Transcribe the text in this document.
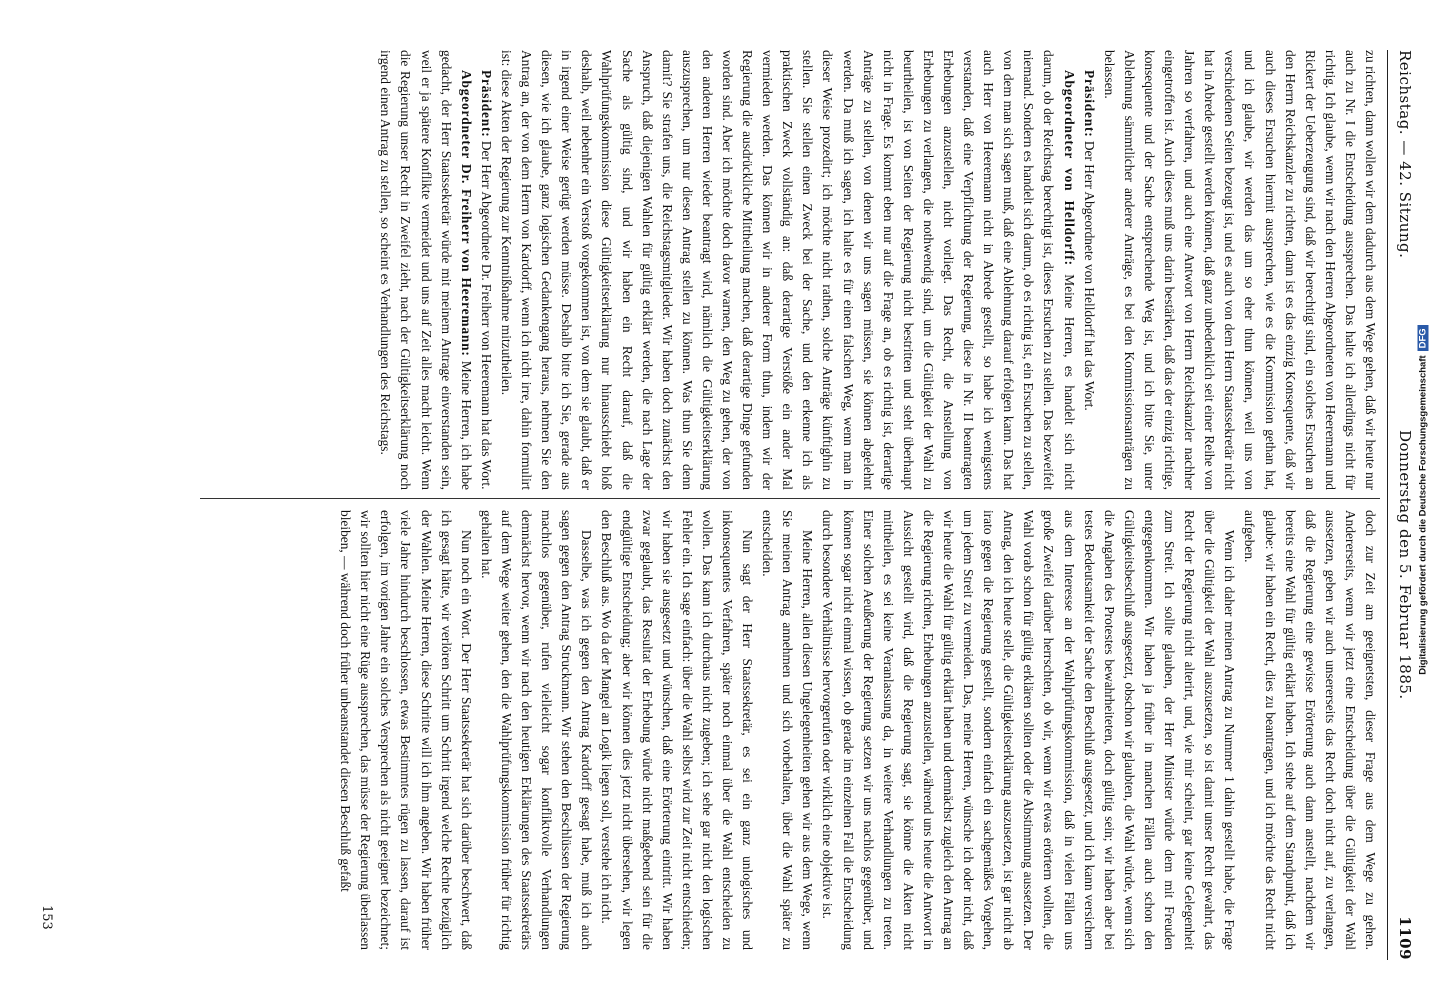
Reichstag. — 42. Sitzung.
Donnerstag den 5. Februar 1885.
1109

zu richten, dann wollen wir dem dadurch aus dem Wege gehen, daß wir heute nur auch zu Nr. I die Entscheidung aussprechen. Das halte ich allerdings nicht für richtig. Ich glaube, wenn wir nach den Herren Abgeordneten von Heeremann und Rickert der Ueberzeugung sind, daß wir berechtigt sind, ein solches Ersuchen an den Herrn Reichskanzler zu richten, dann ist es das einzig Konsequente, daß wir auch dieses Ersuchen hiermit aussprechen, wie es die Kommission gethan hat, und ich glaube, wir werden das um so eher thun können, weil uns von verschiedenen Seiten bezeugt ist, und es auch von dem Herrn Staatssekretär nicht hat in Abrede gestellt werden können, daß ganz unbedenklich seit einer Reihe von Jahren so verfahren, und auch eine Antwort von Herrn Reichskanzler nachher eingetroffen ist. Auch dieses muß uns darin bestärken, daß das der einzig richtige, konsequente und der Sache entsprechende Weg ist, und ich bitte Sie, unter Ablehnung sämmtlicher anderer Anträge, es bei den Kommissionsanträgen zu belassen.

Präsident: Der Herr Abgeordnete von Helldorff hat das Wort.

Abgeordneter von Helldorff: Meine Herren, es handelt sich nicht darum, ob der Reichstag berechtigt ist, dieses Ersuchen zu stellen. Das bezweifelt niemand. Sondern es handelt sich darum, ob es richtig ist, ein Ersuchen zu stellen, von dem man sich sagen muß, daß eine Ablehnung darauf erfolgen kann. Das hat auch Herr von Heeremann nicht in Abrede gestellt, so habe ich wenigstens verstanden, daß eine Verpflichtung der Regierung, diese in Nr. II beantragten Erhebungen anzustellen, nicht vorliegt. Das Recht, die Anstellung von Erhebungen zu verlangen, die nothwendig sind, um die Gültigkeit der Wahl zu beurtheilen, ist von Seiten der Regierung nicht bestritten und steht überhaupt nicht in Frage. Es kommt eben nur auf die Frage an, ob es richtig ist, derartige Anträge zu stellen, von denen wir uns sagen müssen, sie können abgelehnt werden. Da muß ich sagen, ich halte es für einen falschen Weg, wenn man in dieser Weise prozedirt; ich möchte nicht rathen, solche Anträge künftighin zu stellen. Sie stellen einen Zweck bei der Sache, und den erkenne ich als praktischen Zweck vollständig an: daß derartige Verstöße ein ander Mal vermieden werden. Das können wir in anderer Form thun, indem wir der Regierung die ausdrückliche Mittheilung machen, daß derartige Dinge gefunden worden sind. Aber ich möchte doch davor warnen, den Weg zu gehen, der von den anderen Herren wieder beantragt wird, nämlich die Gültigkeitserklärung auszusprechen, um nur diesen Antrag stellen zu können. Was thun Sie denn damit? Sie strafen uns, die Reichstagsmitglieder. Wir haben doch zunächst den Anspruch, daß diejenigen Wahlen für gültig erklärt werden, die nach Lage der Sache als gültig sind, und wir haben ein Recht darauf, daß die Wahlprüfungskommission diese Gültigkeitserklärung nur hinausschiebt bloß deshalb, weil nebenher ein Verstoß vorgekommen ist, von dem sie glaubt, daß er in irgend einer Weise gerügt werden müsse. Deshalb bitte ich Sie, gerade aus diesen, wie ich glaube, ganz logischen Gedankengang heraus, nehmen Sie den Antrag an, der von dem Herrn von Kardorff, wenn ich nicht irre, dahin formulirt ist: diese Akten der Regierung zur Kenntnißnahme mitzutheilen.

Präsident: Der Herr Abgeordnete Dr. Freiherr von Heeremann hat das Wort.

Abgeordneter Dr. Freiherr von Heeremann: Meine Herren, ich habe gedacht, der Herr Staatssekretär würde mit meinem Antrage einverstanden sein, weil er ja spätere Konflikte vermeidet und uns auf Zeit alles macht leicht. Wenn die Regierung unser Recht in Zweifel zieht, nach der Gültigkeitserklärung noch irgend einen Antrag zu stellen, so scheint es Verhandlungen des Reichstags.

doch zur Zeit am geeignetsten, dieser Frage aus dem Wege zu gehen. Andererseits, wenn wir jetzt eine Entscheidung über die Gültigkeit der Wahl aussetzen, geben wir auch unsererseits das Recht doch nicht auf, zu verlangen, daß die Regierung eine gewisse Erörterung auch dann anstellt, nachdem wir bereits eine Wahl für gültig erklärt haben. Ich stehe auf dem Standpunkt, daß ich glaube: wir haben ein Recht, dies zu beantragen, und ich möchte das Recht nicht aufgeben.

Wenn ich daher meinen Antrag zu Nummer 1 dahin gestellt habe, die Frage über die Gültigkeit der Wahl auszusetzen, so ist damit unser Recht gewahrt, das Recht der Regierung nicht alterirt, und, wie mir scheint, gar keine Gelegenheit zum Streit. Ich sollte glauben, der Herr Minister würde dem mit Freuden entgegenkommen. Wir haben ja früher in manchen Fällen auch schon den Gültigkeitsbeschluß ausgesetzt, obschon wir glaubten, die Wahl würde, wenn sich die Angaben des Protestes bewahrheiteten, doch gültig sein; wir haben aber bei testes Bedeutsamkeit der Sache den Beschluß ausgesetzt, und ich kann versichern aus dem Interesse an der Wahlprüfungskommission, daß in vielen Fällen uns große Zweifel darüber herrschten, ob wir, wenn wir etwas erörtern wollten, die Wahl vorab schon für gültig erklären sollten oder die Abstimmung aussetzen. Der Antrag, den ich heute stelle, die Gültigkeitserklärung auszusetzen, ist gar nicht ab irato gegen die Regierung gestellt, sondern einfach ein sachgemäßes Vorgehen, um jedem Streit zu vermeiden. Das, meine Herren, wünsche ich oder nicht, daß wir heute die Wahl für gültig erklärt haben und demnächst zugleich den Antrag an die Regierung richten, Erhebungen anzustellen, während uns heute die Antwort in Aussicht gestellt wird, daß die Regierung sagt, sie könne die Akten nicht mittheilen, es sei keine Veranlassung da, in weitere Verhandlungen zu treten. Einer solchen Aeußerung der Regierung setzen wir uns nachlos gegenüber, und können sogar nicht einmal wissen, ob gerade im einzelnen Fall die Entscheidung durch besondere Verhältnisse hervorgerufen oder wirklich eine objektive ist.

Meine Herren, allen diesen Ungelegenheiten gehen wir aus dem Wege, wenn Sie meinen Antrag annehmen und sich vorbehalten, über die Wahl später zu entscheiden.

Nun sagt der Herr Staatssekretär, es sei ein ganz unlogisches und inkonsequentes Verfahren, später noch einmal über die Wahl entscheiden zu wollen. Das kann ich durchaus nicht zugeben; ich sehe gar nicht den logischen Fehler ein. Ich sage einfach: über die Wahl selbst wird zur Zeit nicht entschieden; wir haben sie ausgesetzt und wünschen, daß eine Erörterung eintritt. Wir haben zwar geglaubt, das Resultat der Erhebung würde nicht maßgebend sein für die endgültige Entscheidung; aber wir können dies jetzt nicht übersehen, wir legen den Beschluß aus. Wo da der Mangel an Logik liegen soll, verstehe ich nicht.

Dasselbe, was ich gegen den Antrag Kardorff gesagt habe, muß ich auch sagen gegen den Antrag Struckmann. Wir stehen den Beschlüssen der Regierung machtlos gegenüber, rufen vielleicht sogar konfliktvolle Verhandlungen demnächst hervor, wenn wir nach den heutigen Erklärungen des Staatssekretärs auf dem Wege weiter gehen, den die Wahlprüfungskommission früher für richtig gehalten hat.

Nun noch ein Wort. Der Herr Staatssekretär hat sich darüber beschwert, daß ich gesagt hätte, wir verlören Schritt um Schritt irgend welche Rechte bezüglich der Wahlen. Meine Herren, diese Schritte will ich ihm angeben. Wir haben früher viele Jahre hindurch beschlossen, etwas Bestimmtes rügen zu lassen, darauf ist erfolgen, im vorigen Jahre ein solches Versprechen als nicht geeignet bezeichnet; wir sollten hier nicht eine Rüge aussprechen, das müsse der Regierung überlassen bleiben, — während doch früher unbeanstandet diesen Beschluß gefaßt

153
Digitalisierung gefördert durch die Deutsche ForschungsgemeinschaftDFG
